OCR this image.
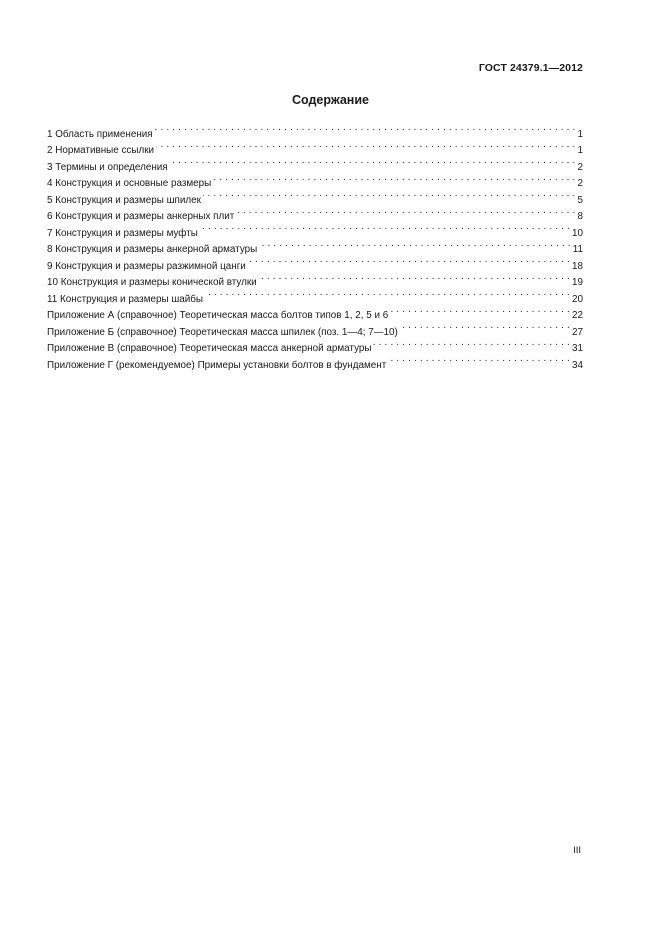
ГОСТ 24379.1—2012
Содержание
1 Область применения . . .	1
2 Нормативные ссылки . . .	1
3 Термины и определения . . .	2
4 Конструкция и основные размеры . . .	2
5 Конструкция и размеры шпилек . . .	5
6 Конструкция и размеры анкерных плит . . .	8
7 Конструкция и размеры муфты . . .	10
8 Конструкция и размеры анкерной арматуры . . .	11
9 Конструкция и размеры разжимной цанги . . .	18
10 Конструкция и размеры конической втулки . . .	19
11 Конструкция и размеры шайбы . . .	20
Приложение А (справочное) Теоретическая масса болтов типов 1, 2, 5 и 6 . . .	22
Приложение Б (справочное) Теоретическая масса шпилек (поз. 1—4; 7—10) . . .	27
Приложение В (справочное) Теоретическая масса анкерной арматуры . . .	31
Приложение Г (рекомендуемое) Примеры установки болтов в фундамент . . .	34
III
